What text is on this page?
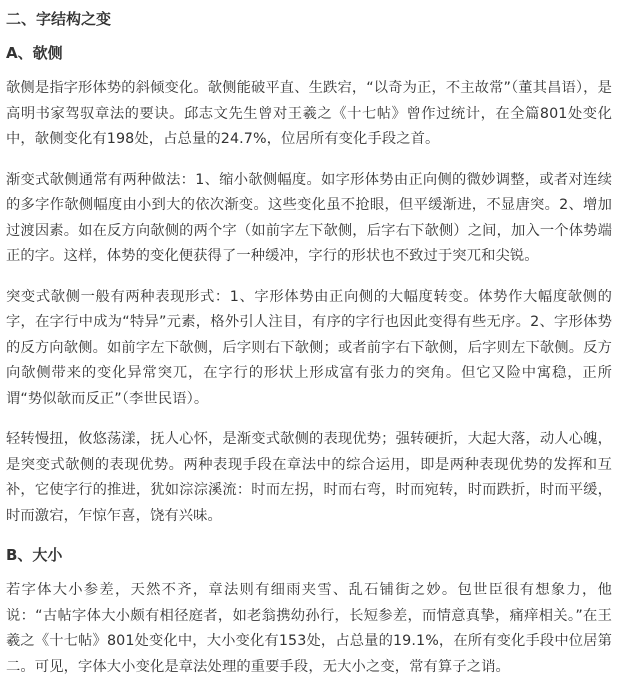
二、字结构之变
A、欹侧

欹侧是指字形体势的斜倾变化。欹侧能破平直、生跌宕，“以奇为正，不主故常”（董其昌语），是高明书家驾驭章法的要诀。邱志文先生曾对王羲之《十七帖》曾作过统计，在全篇801处变化中，欹侧变化有198处，占总量的24.7%，位居所有变化手段之首。

渐变式欹侧通常有两种做法：1、缩小欹侧幅度。如字形体势由正向侧的微妙调整，或者对连续的多字作欹侧幅度由小到大的依次渐变。这些变化虽不抢眼，但平缓渐进，不显唐突。2、增加过渡因素。如在反方向欹侧的两个字（如前字左下欹侧，后字右下欹侧）之间，加入一个体势端正的字。这样，体势的变化便获得了一种缓冲，字行的形状也不致过于突兀和尖锐。

突变式欹侧一般有两种表现形式：1、字形体势由正向侧的大幅度转变。体势作大幅度欹侧的字，在字行中成为“特异”元素，格外引人注目，有序的字行也因此变得有些无序。2、字形体势的反方向欹侧。如前字左下欹侧，后字则右下欹侧；或者前字右下欹侧，后字则左下欹侧。反方向欹侧带来的变化异常突兀，在字行的形状上形成富有张力的突角。但它又险中寓稳，正所谓“势似欹而反正”（李世民语）。

轻转慢扭，攸悠荡漾，抚人心怀，是渐变式欹侧的表现优势；强转硬折，大起大落，动人心魄，是突变式欹侧的表现优势。两种表现手段在章法中的综合运用，即是两种表现优势的发挥和互补，它使字行的推进，犹如淙淙溪流：时而左拐，时而右弯，时而宛转，时而跌折，时而平缓，时而激宕，乍惊乍喜，饶有兴味。

B、大小

若字体大小参差，天然不齐，章法则有细雨夹雪、乱石铺街之妙。包世臣很有想象力，他说：“古帖字体大小颇有相径庭者，如老翁携幼孙行，长短参差，而情意真挚，痛痒相关。”在王羲之《十七帖》801处变化中，大小变化有153处，占总量的19.1%，在所有变化手段中位居第二。可见，字体大小变化是章法处理的重要手段，无大小之变，常有算子之诮。
